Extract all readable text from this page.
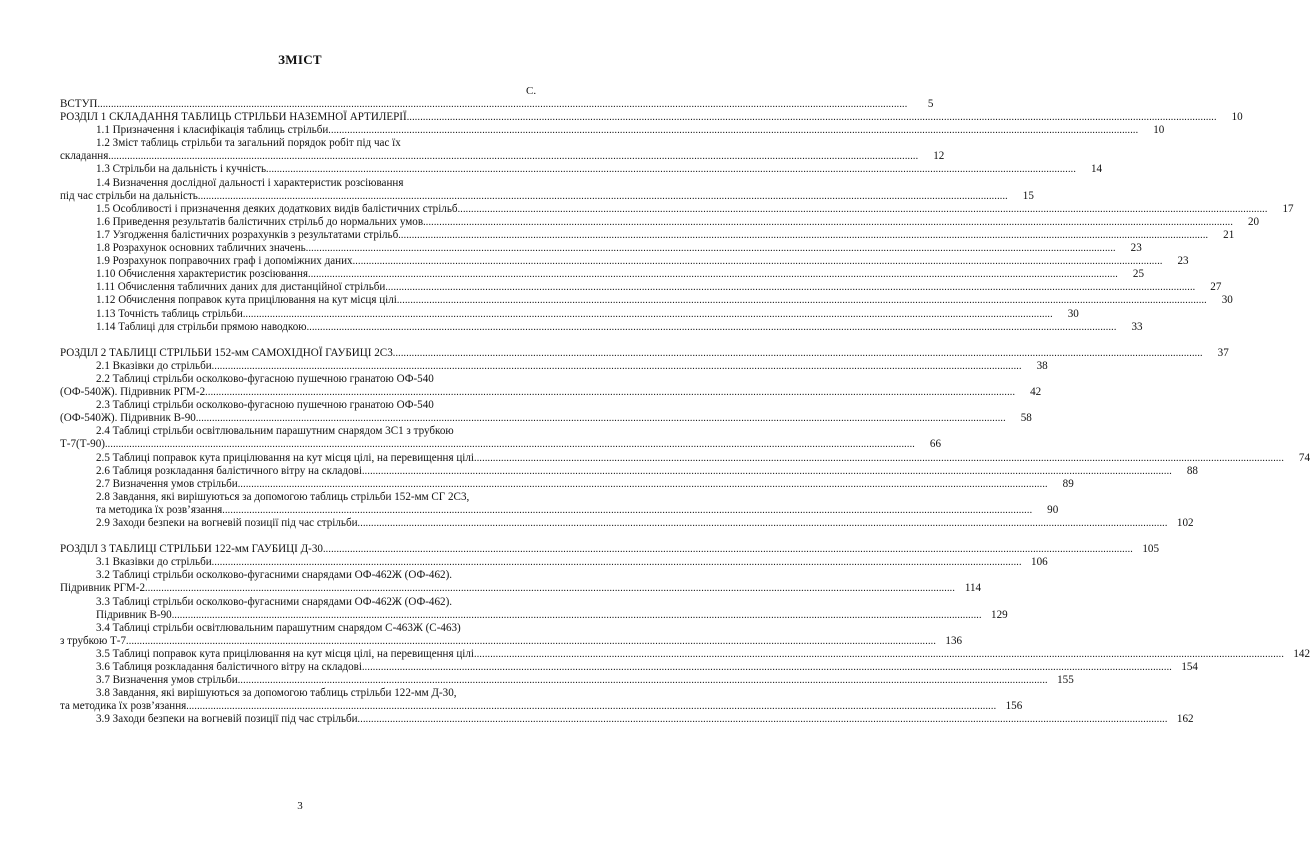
ЗМІСТ
С.
ВСТУП ............................................................................................................................................................................................................................................................................................................	5
РОЗДІЛ 1 СКЛАДАННЯ ТАБЛИЦЬ СТРІЛЬБИ НАЗЕМНОЇ АРТИЛЕРІЇ ............................................................................................................................................................................................................................................................................................................	10
1.1 Призначення і класифікація таблиць стрільби ............................................................................................................................................................................................................................................................................................................	10
1.2 Зміст таблиць стрільби та загальний порядок робіт під час їх
складання ............................................................................................................................................................................................................................................................................................................	12
1.3 Стрільби на дальність і кучність ............................................................................................................................................................................................................................................................................................................	14
1.4 Визначення дослідної дальності і характеристик розсіювання
під час стрільби на дальність ............................................................................................................................................................................................................................................................................................................	15
1.5 Особливості і призначення деяких додаткових видів балістичних стрільб ............................................................................................................................................................................................................................................................................................................	17
1.6 Приведення результатів балістичних стрільб до нормальних умов ............................................................................................................................................................................................................................................................................................................	20
1.7 Узгодження балістичних розрахунків з результатами стрільб ............................................................................................................................................................................................................................................................................................................	21
1.8 Розрахунок основних табличних значень ............................................................................................................................................................................................................................................................................................................	23
1.9 Розрахунок поправочних граф і допоміжних даних ............................................................................................................................................................................................................................................................................................................	23
1.10 Обчислення характеристик розсіювання ............................................................................................................................................................................................................................................................................................................	25
1.11 Обчислення табличних даних для дистанційної стрільби ............................................................................................................................................................................................................................................................................................................	27
1.12 Обчислення поправок кута прицілювання на кут місця цілі ............................................................................................................................................................................................................................................................................................................	30
1.13 Точність таблиць стрільби ............................................................................................................................................................................................................................................................................................................	30
1.14 Таблиці для стрільби прямою наводкою ............................................................................................................................................................................................................................................................................................................	33
РОЗДІЛ 2 ТАБЛИЦІ СТРІЛЬБИ 152-мм САМОХІДНОЇ ГАУБИЦІ 2С3 ............................................................................................................................................................................................................................................................................................................	37
2.1 Вказівки до стрільби ............................................................................................................................................................................................................................................................................................................	38
2.2 Таблиці стрільби осколково-фугасною пушечною гранатою ОФ-540
(ОФ-540Ж). Підривник РГМ-2 ............................................................................................................................................................................................................................................................................................................	42
2.3 Таблиці стрільби осколково-фугасною пушечною гранатою ОФ-540
(ОФ-540Ж). Підривник В-90 ............................................................................................................................................................................................................................................................................................................	58
2.4 Таблиці стрільби освітлювальним парашутним снарядом 3С1 з трубкою
Т-7(Т-90) ............................................................................................................................................................................................................................................................................................................	66
2.5 Таблиці поправок кута прицілювання на кут місця цілі, на перевищення цілі ............................................................................................................................................................................................................................................................................................................	74
2.6 Таблиця розкладання балістичного вітру на складові ............................................................................................................................................................................................................................................................................................................	88
2.7 Визначення умов стрільби ............................................................................................................................................................................................................................................................................................................	89
2.8 Завдання, які вирішуються за допомогою таблиць стрільби 152-мм СГ 2С3,
та методика їх розв’язання ............................................................................................................................................................................................................................................................................................................	90
2.9 Заходи безпеки на вогневій позиції під час стрільби ............................................................................................................................................................................................................................................................................................................ 102
РОЗДІЛ 3 ТАБЛИЦІ СТРІЛЬБИ 122-мм ГАУБИЦІ Д-30 ............................................................................................................................................................................................................................................................................................................ 105
3.1 Вказівки до стрільби ............................................................................................................................................................................................................................................................................................................ 106
3.2 Таблиці стрільби осколково-фугасними снарядами ОФ-462Ж (ОФ-462).
Підривник РГМ-2 ............................................................................................................................................................................................................................................................................................................ 114
3.3 Таблиці стрільби осколково-фугасними снарядами ОФ-462Ж (ОФ-462).
Підривник В-90 ............................................................................................................................................................................................................................................................................................................ 129
3.4 Таблиці стрільби освітлювальним парашутним снарядом С-463Ж (С-463)
з трубкою Т-7 ............................................................................................................................................................................................................................................................................................................ 136
3.5 Таблиці поправок кута прицілювання на кут місця цілі, на перевищення цілі ............................................................................................................................................................................................................................................................................................................ 142
3.6 Таблиця розкладання балістичного вітру на складові ............................................................................................................................................................................................................................................................................................................ 154
3.7 Визначення умов стрільби ............................................................................................................................................................................................................................................................................................................ 155
3.8 Завдання, які вирішуються за допомогою таблиць стрільби 122-мм Д-30,
та методика їх розв’язання ............................................................................................................................................................................................................................................................................................................ 156
3.9 Заходи безпеки на вогневій позиції під час стрільби ............................................................................................................................................................................................................................................................................................................ 162
3
